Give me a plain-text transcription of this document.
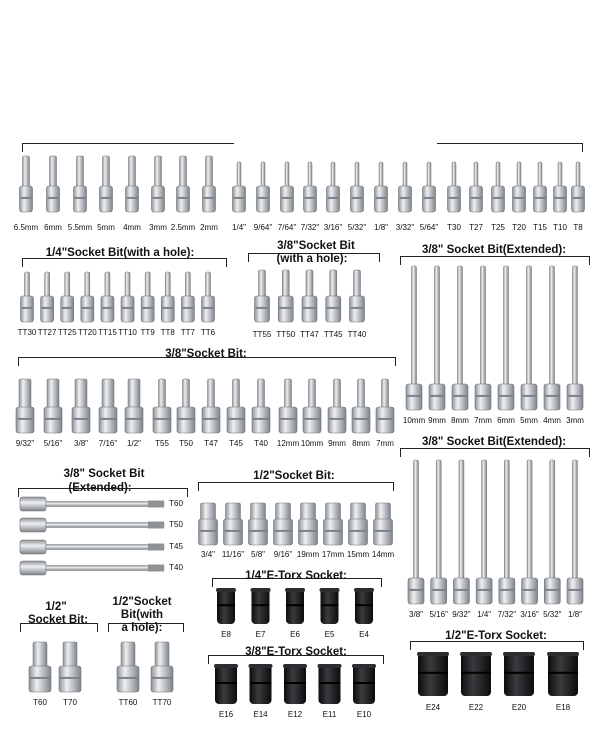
1/4"Socket Bit(with a hole):
3/8"Socket Bit
(with a hole):
3/8" Socket Bit(Extended):
3/8"Socket Bit:
3/8" Socket Bit(Extended):
3/8" Socket Bit
(Extended):
1/2"Socket Bit:
1/2"
Socket Bit:
1/2"Socket
Bit(with
a hole):
1/4"E-Torx Socket:
3/8"E-Torx Socket:
1/2"E-Torx Socket:
6.5mm 6mm 5.5mm 5mm 4mm 3mm 2.5mm 2mm 1/4" 9/64" 7/64" 7/32" 3/16" 5/32" 1/8" 3/32" 5/64" T30 T27 T25 T20 T15 T10 T8
TT30 TT27 TT25 TT20 TT15 TT10 TT9 TT8 TT7 TT6	TT55 TT50 TT47 TT45 TT40
10mm 9mm 8mm 7mm 6mm 5mm 4mm 3mm
9/32" 5/16" 3/8" 7/16" 1/2" T55 T50 T47 T45 T40 12mm 10mm 9mm 8mm 7mm
T60
T50
T45
T40
3/4" 11/16" 5/8" 9/16" 19mm 17mm 15mm 14mm
3/8" 5/16" 9/32" 1/4" 7/32" 3/16" 5/32" 1/8"
T60 T70	TT60 TT70
E8	E7	E6	E5	E4
E16	E14	E12	E11	E10
E24	E22	E20	E18
